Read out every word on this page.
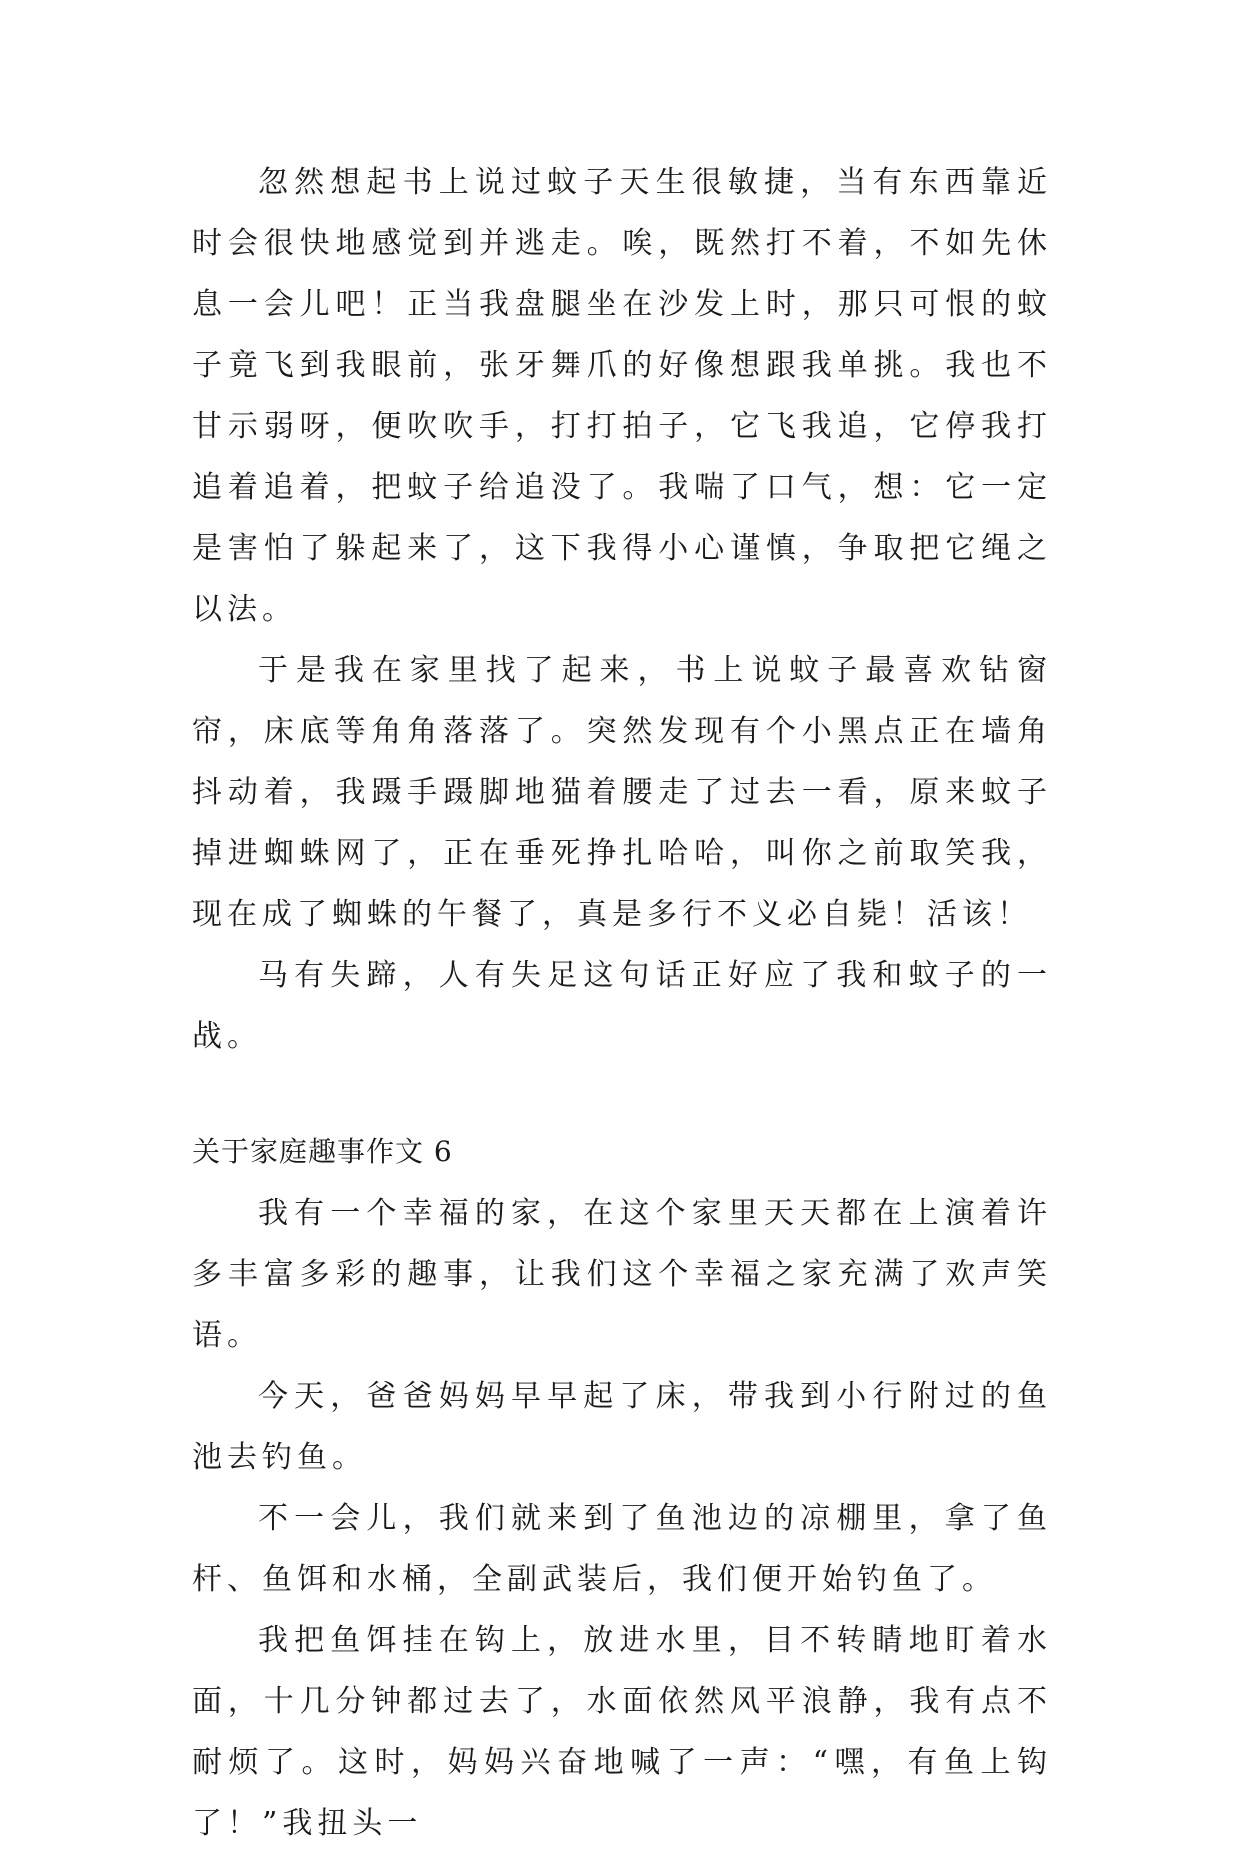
忽然想起书上说过蚊子天生很敏捷，当有东西靠近时会很快地感觉到并逃走。唉，既然打不着，不如先休息一会儿吧！正当我盘腿坐在沙发上时，那只可恨的蚊子竟飞到我眼前，张牙舞爪的好像想跟我单挑。我也不甘示弱呀，便吹吹手，打打拍子，它飞我追，它停我打追着追着，把蚊子给追没了。我喘了口气，想：它一定是害怕了躲起来了，这下我得小心谨慎，争取把它绳之以法。

于是我在家里找了起来，书上说蚊子最喜欢钻窗帘，床底等角角落落了。突然发现有个小黑点正在墙角抖动着，我蹑手蹑脚地猫着腰走了过去一看，原来蚊子掉进蜘蛛网了，正在垂死挣扎哈哈，叫你之前取笑我，现在成了蜘蛛的午餐了，真是多行不义必自毙！活该！

马有失蹄，人有失足这句话正好应了我和蚊子的一战。

关于家庭趣事作文 6

我有一个幸福的家，在这个家里天天都在上演着许多丰富多彩的趣事，让我们这个幸福之家充满了欢声笑语。

今天，爸爸妈妈早早起了床，带我到小行附过的鱼池去钓鱼。

不一会儿，我们就来到了鱼池边的凉棚里，拿了鱼杆、鱼饵和水桶，全副武装后，我们便开始钓鱼了。

我把鱼饵挂在钩上，放进水里，目不转睛地盯着水面，十几分钟都过去了，水面依然风平浪静，我有点不耐烦了。这时，妈妈兴奋地喊了一声：“嘿，有鱼上钩了！”我扭头一
